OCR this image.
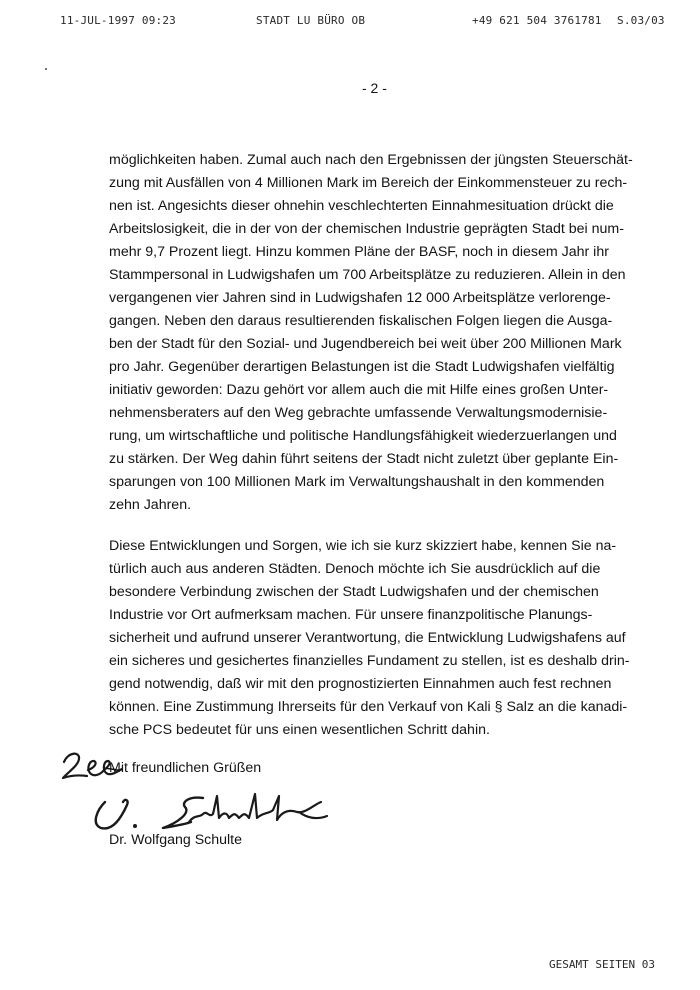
11-JUL-1997 09:23	STADT LU BÜRO OB	+49 621 504 3761781 S.03/03
- 2 -

möglichkeiten haben. Zumal auch nach den Ergebnissen der jüngsten Steuerschät-
zung mit Ausfällen von 4 Millionen Mark im Bereich der Einkommensteuer zu rech-
nen ist. Angesichts dieser ohnehin veschlechterten Einnahmesituation drückt die
Arbeitslosigkeit, die in der von der chemischen Industrie geprägten Stadt bei num-
mehr 9,7 Prozent liegt. Hinzu kommen Pläne der BASF, noch in diesem Jahr ihr
Stammpersonal in Ludwigshafen um 700 Arbeitsplätze zu reduzieren. Allein in den
vergangenen vier Jahren sind in Ludwigshafen 12 000 Arbeitsplätze verlorenge-
gangen. Neben den daraus resultierenden fiskalischen Folgen liegen die Ausga-
ben der Stadt für den Sozial- und Jugendbereich bei weit über 200 Millionen Mark
pro Jahr. Gegenüber derartigen Belastungen ist die Stadt Ludwigshafen vielfältig
initiativ geworden: Dazu gehört vor allem auch die mit Hilfe eines großen Unter-
nehmensberaters auf den Weg gebrachte umfassende Verwaltungsmodernisie-
rung, um wirtschaftliche und politische Handlungsfähigkeit wiederzuerlangen und
zu stärken. Der Weg dahin führt seitens der Stadt nicht zuletzt über geplante Ein-
sparungen von 100 Millionen Mark im Verwaltungshaushalt in den kommenden
zehn Jahren.

Diese Entwicklungen und Sorgen, wie ich sie kurz skizziert habe, kennen Sie na-
türlich auch aus anderen Städten. Denoch möchte ich Sie ausdrücklich auf die
besondere Verbindung zwischen der Stadt Ludwigshafen und der chemischen
Industrie vor Ort aufmerksam machen. Für unsere finanzpolitische Planungs-
sicherheit und aufrund unserer Verantwortung, die Entwicklung Ludwigshafens auf
ein sicheres und gesichertes finanzielles Fundament zu stellen, ist es deshalb drin-
gend notwendig, daß wir mit den prognostizierten Einnahmen auch fest rechnen
können. Eine Zustimmung Ihrerseits für den Verkauf von Kali § Salz an die kanadi-
sche PCS bedeutet für uns einen wesentlichen Schritt dahin.

Mit freundlichen Grüßen
Dr. Wolfgang Schulte
GESAMT SEITEN 03
